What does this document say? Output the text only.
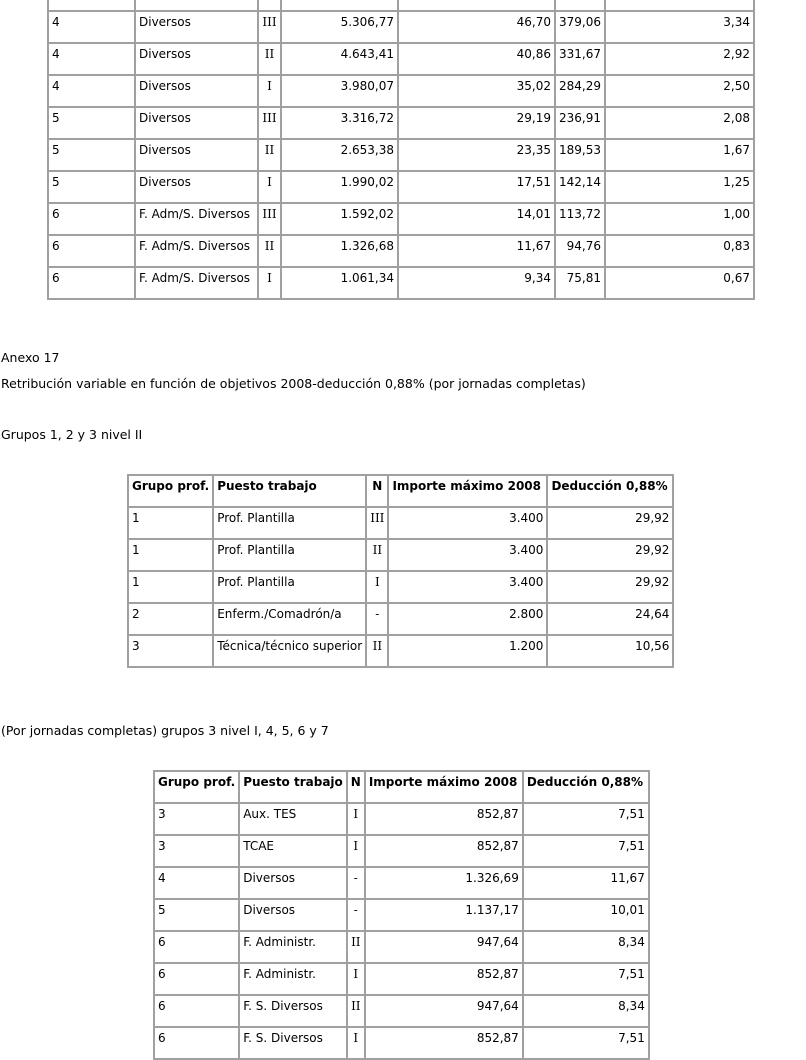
4	Diversos	III	5.306,77	46,70	379,06	3,34
4	Diversos	II	4.643,41	40,86	331,67	2,92
4	Diversos	I	3.980,07	35,02	284,29	2,50
5	Diversos	III	3.316,72	29,19	236,91	2,08
5	Diversos	II	2.653,38	23,35	189,53	1,67
5	Diversos	I	1.990,02	17,51	142,14	1,25
6	F. Adm/S. Diversos	III	1.592,02	14,01	113,72	1,00
6	F. Adm/S. Diversos	II	1.326,68	11,67	94,76	0,83
6	F. Adm/S. Diversos	I	1.061,34	9,34	75,81	0,67

Anexo 17

Retribución variable en función de objetivos 2008-deducción 0,88% (por jornadas completas)

Grupos 1, 2 y 3 nivel II

Grupo prof.	Puesto trabajo	N	Importe máximo 2008	Deducción 0,88%
1	Prof. Plantilla	III	3.400	29,92
1	Prof. Plantilla	II	3.400	29,92
1	Prof. Plantilla	I	3.400	29,92
2	Enferm./Comadrón/a	-	2.800	24,64
3	Técnica/técnico superior	II	1.200	10,56

(Por jornadas completas) grupos 3 nivel I, 4, 5, 6 y 7

Grupo prof.	Puesto trabajo	N	Importe máximo 2008	Deducción 0,88%
3	Aux. TES	I	852,87	7,51
3	TCAE	I	852,87	7,51
4	Diversos	-	1.326,69	11,67
5	Diversos	-	1.137,17	10,01
6	F. Administr.	II	947,64	8,34
6	F. Administr.	I	852,87	7,51
6	F. S. Diversos	II	947,64	8,34
6	F. S. Diversos	I	852,87	7,51
